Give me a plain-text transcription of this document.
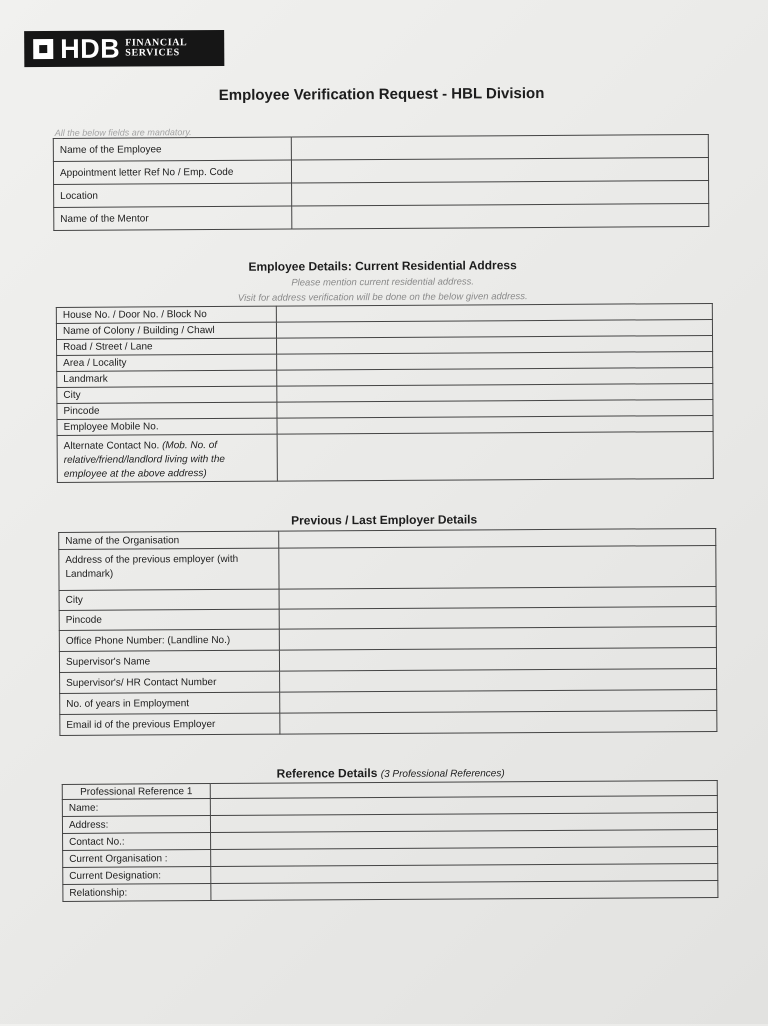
HDB FINANCIAL
SERVICES
Employee Verification Request - HBL Division
All the below fields are mandatory.
Name of the Employee	
Appointment letter Ref No / Emp. Code	
Location	
Name of the Mentor	
Employee Details: Current Residential Address
Please mention current residential address.
Visit for address verification will be done on the below given address.
House No. / Door No. / Block No	
Name of Colony / Building / Chawl	
Road / Street / Lane	
Area / Locality	
Landmark	
City	
Pincode	
Employee Mobile No.	
Alternate Contact No. (Mob. No. of relative/friend/landlord living with the employee at the above address)	
Previous / Last Employer Details
Name of the Organisation	
Address of the previous employer (with Landmark)	
City	
Pincode	
Office Phone Number: (Landline No.)	
Supervisor's Name	
Supervisor's/ HR Contact Number	
No. of years in Employment	
Email id of the previous Employer	
Reference Details (3 Professional References)
Professional Reference 1	
Name:	
Address:	
Contact No.:	
Current Organisation :	
Current Designation:	
Relationship:	
